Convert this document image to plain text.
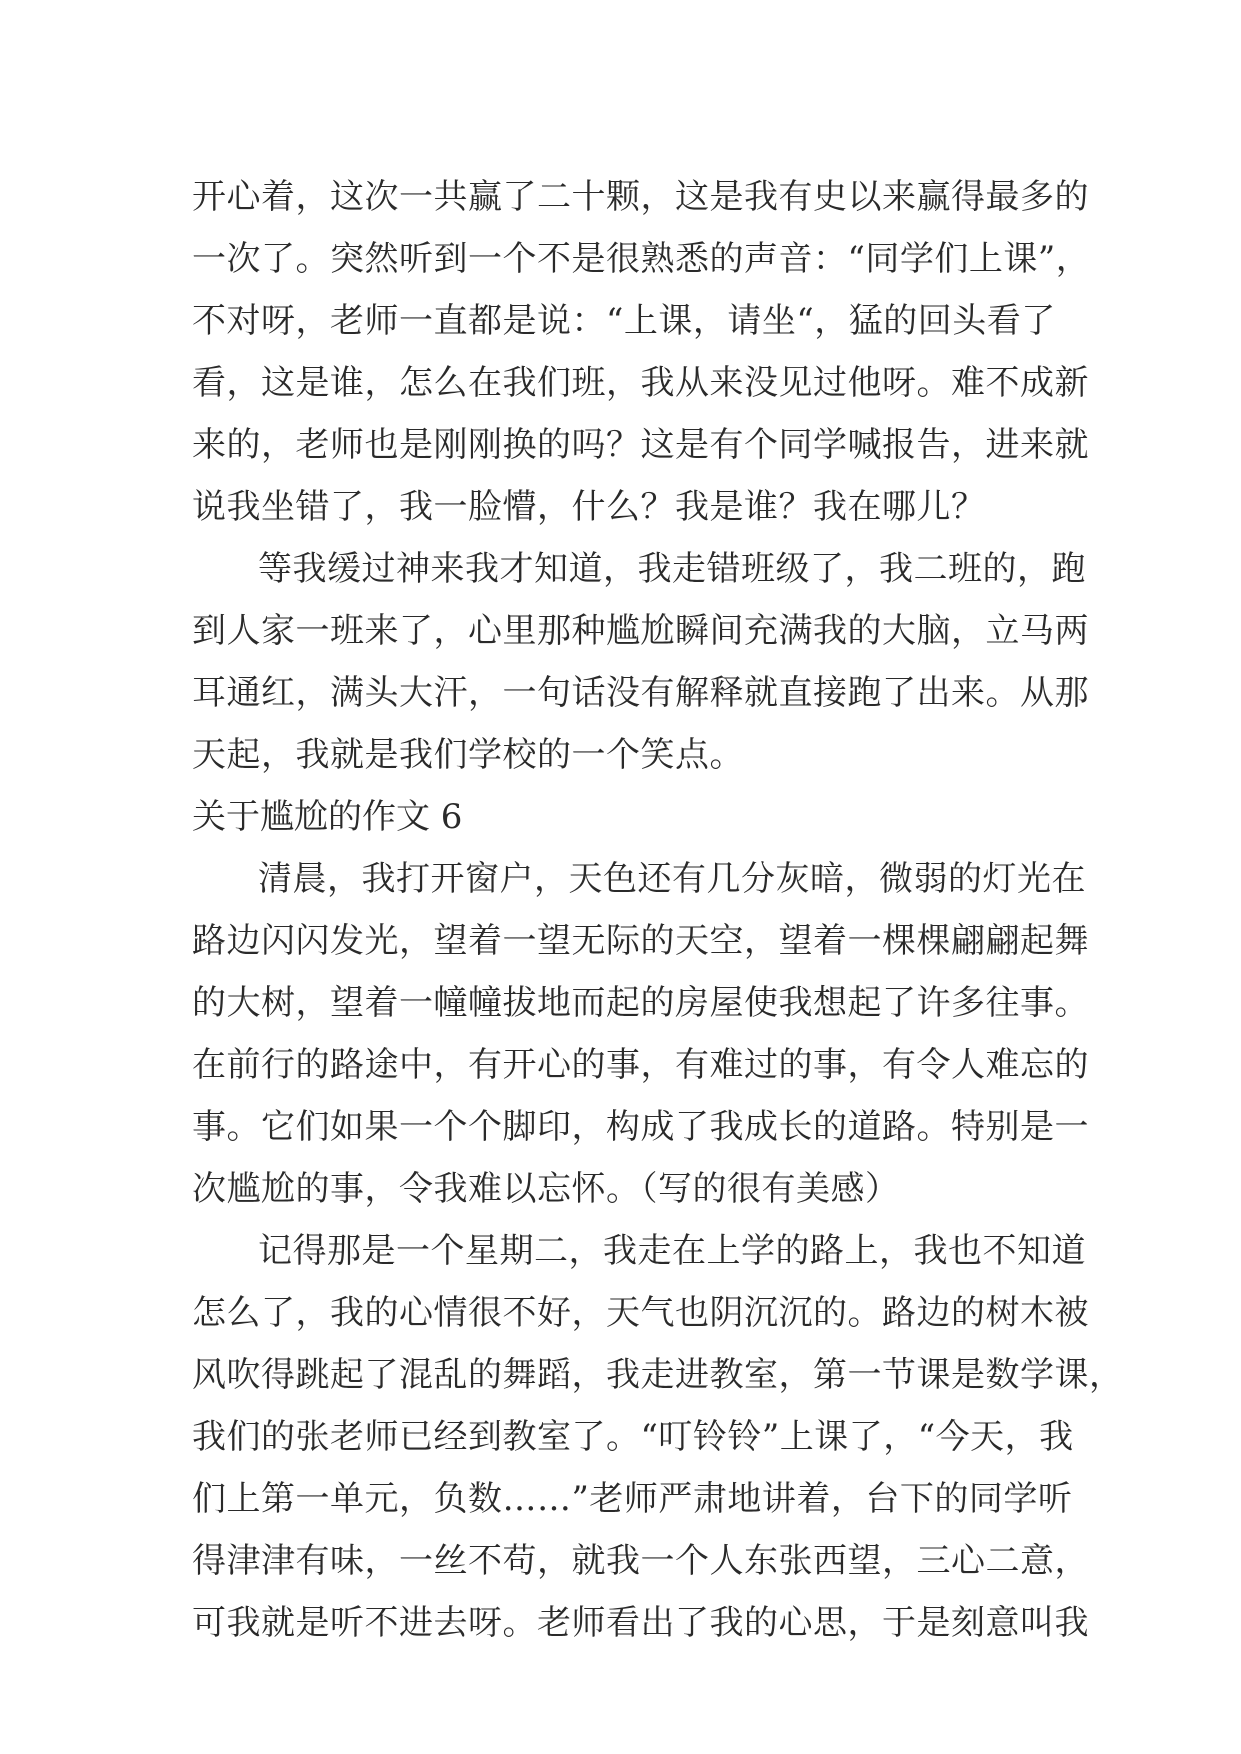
开心着，这次一共赢了二十颗，这是我有史以来赢得最多的
一次了。突然听到一个不是很熟悉的声音：“同学们上课”，
不对呀，老师一直都是说：“上课，请坐“，猛的回头看了
看，这是谁，怎么在我们班，我从来没见过他呀。难不成新
来的，老师也是刚刚换的吗？这是有个同学喊报告，进来就
说我坐错了，我一脸懵，什么？我是谁？我在哪儿？
等我缓过神来我才知道，我走错班级了，我二班的，跑
到人家一班来了，心里那种尴尬瞬间充满我的大脑，立马两
耳通红，满头大汗，一句话没有解释就直接跑了出来。从那
天起，我就是我们学校的一个笑点。
关于尴尬的作文 6
清晨，我打开窗户，天色还有几分灰暗，微弱的灯光在
路边闪闪发光，望着一望无际的天空，望着一棵棵翩翩起舞
的大树，望着一幢幢拔地而起的房屋使我想起了许多往事。
在前行的路途中，有开心的事，有难过的事，有令人难忘的
事。它们如果一个个脚印，构成了我成长的道路。特别是一
次尴尬的事，令我难以忘怀。（写的很有美感）
记得那是一个星期二，我走在上学的路上，我也不知道
怎么了，我的心情很不好，天气也阴沉沉的。路边的树木被
风吹得跳起了混乱的舞蹈，我走进教室，第一节课是数学课，
我们的张老师已经到教室了。“叮铃铃”上课了，“今天，我
们上第一单元，负数……”老师严肃地讲着，台下的同学听
得津津有味，一丝不苟，就我一个人东张西望，三心二意，
可我就是听不进去呀。老师看出了我的心思，于是刻意叫我
